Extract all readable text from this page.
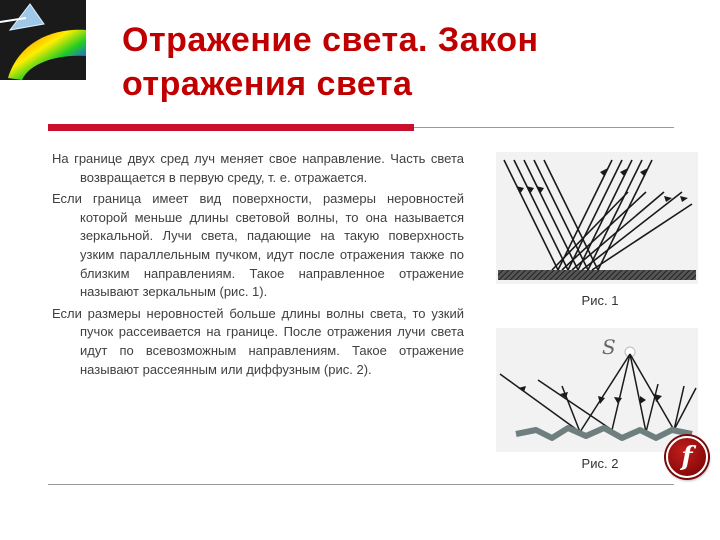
Отражение света. Закон
отражения света

На границе двух сред луч меняет свое направление. Часть света возвращается в первую среду, т. е. отражается.

Если граница имеет вид поверхности, размеры неровностей которой меньше длины световой волны, то она называется зеркальной. Лучи света, падающие на такую поверхность узким параллельным пучком, идут после отражения также по близким направлениям. Такое направленное отражение называют зеркальным (рис. 1).

Если размеры неровностей больше длины волны света, то узкий пучок рассеивается на границе. После отражения лучи света идут по всевозможным направлениям. Такое отражение называют рассеянным или диффузным (рис. 2).

Рис. 1
S
Рис. 2	f
